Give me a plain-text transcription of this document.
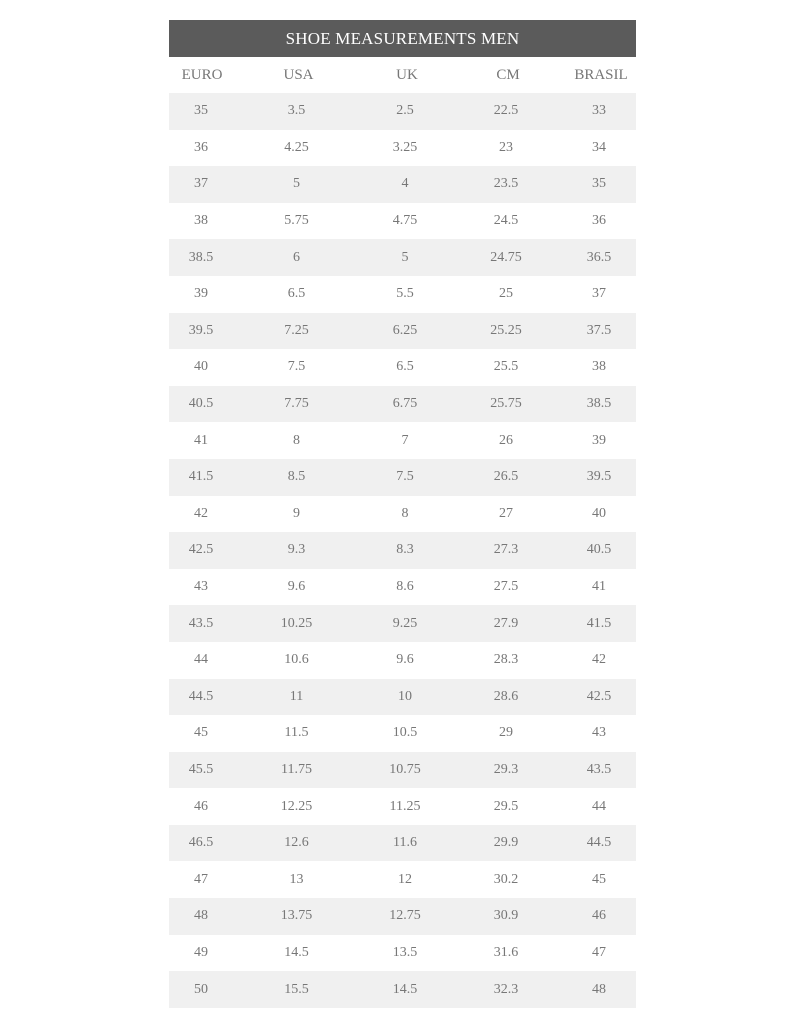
SHOE MEASUREMENTS MEN
EURO	USA	UK	CM	BRASIL
35	3.5	2.5	22.5	33
36	4.25	3.25	23	34
37	5	4	23.5	35
38	5.75	4.75	24.5	36
38.5	6	5	24.75	36.5
39	6.5	5.5	25	37
39.5	7.25	6.25	25.25	37.5
40	7.5	6.5	25.5	38
40.5	7.75	6.75	25.75	38.5
41	8	7	26	39
41.5	8.5	7.5	26.5	39.5
42	9	8	27	40
42.5	9.3	8.3	27.3	40.5
43	9.6	8.6	27.5	41
43.5	10.25	9.25	27.9	41.5
44	10.6	9.6	28.3	42
44.5	11	10	28.6	42.5
45	11.5	10.5	29	43
45.5	11.75	10.75	29.3	43.5
46	12.25	11.25	29.5	44
46.5	12.6	11.6	29.9	44.5
47	13	12	30.2	45
48	13.75	12.75	30.9	46
49	14.5	13.5	31.6	47
50	15.5	14.5	32.3	48
